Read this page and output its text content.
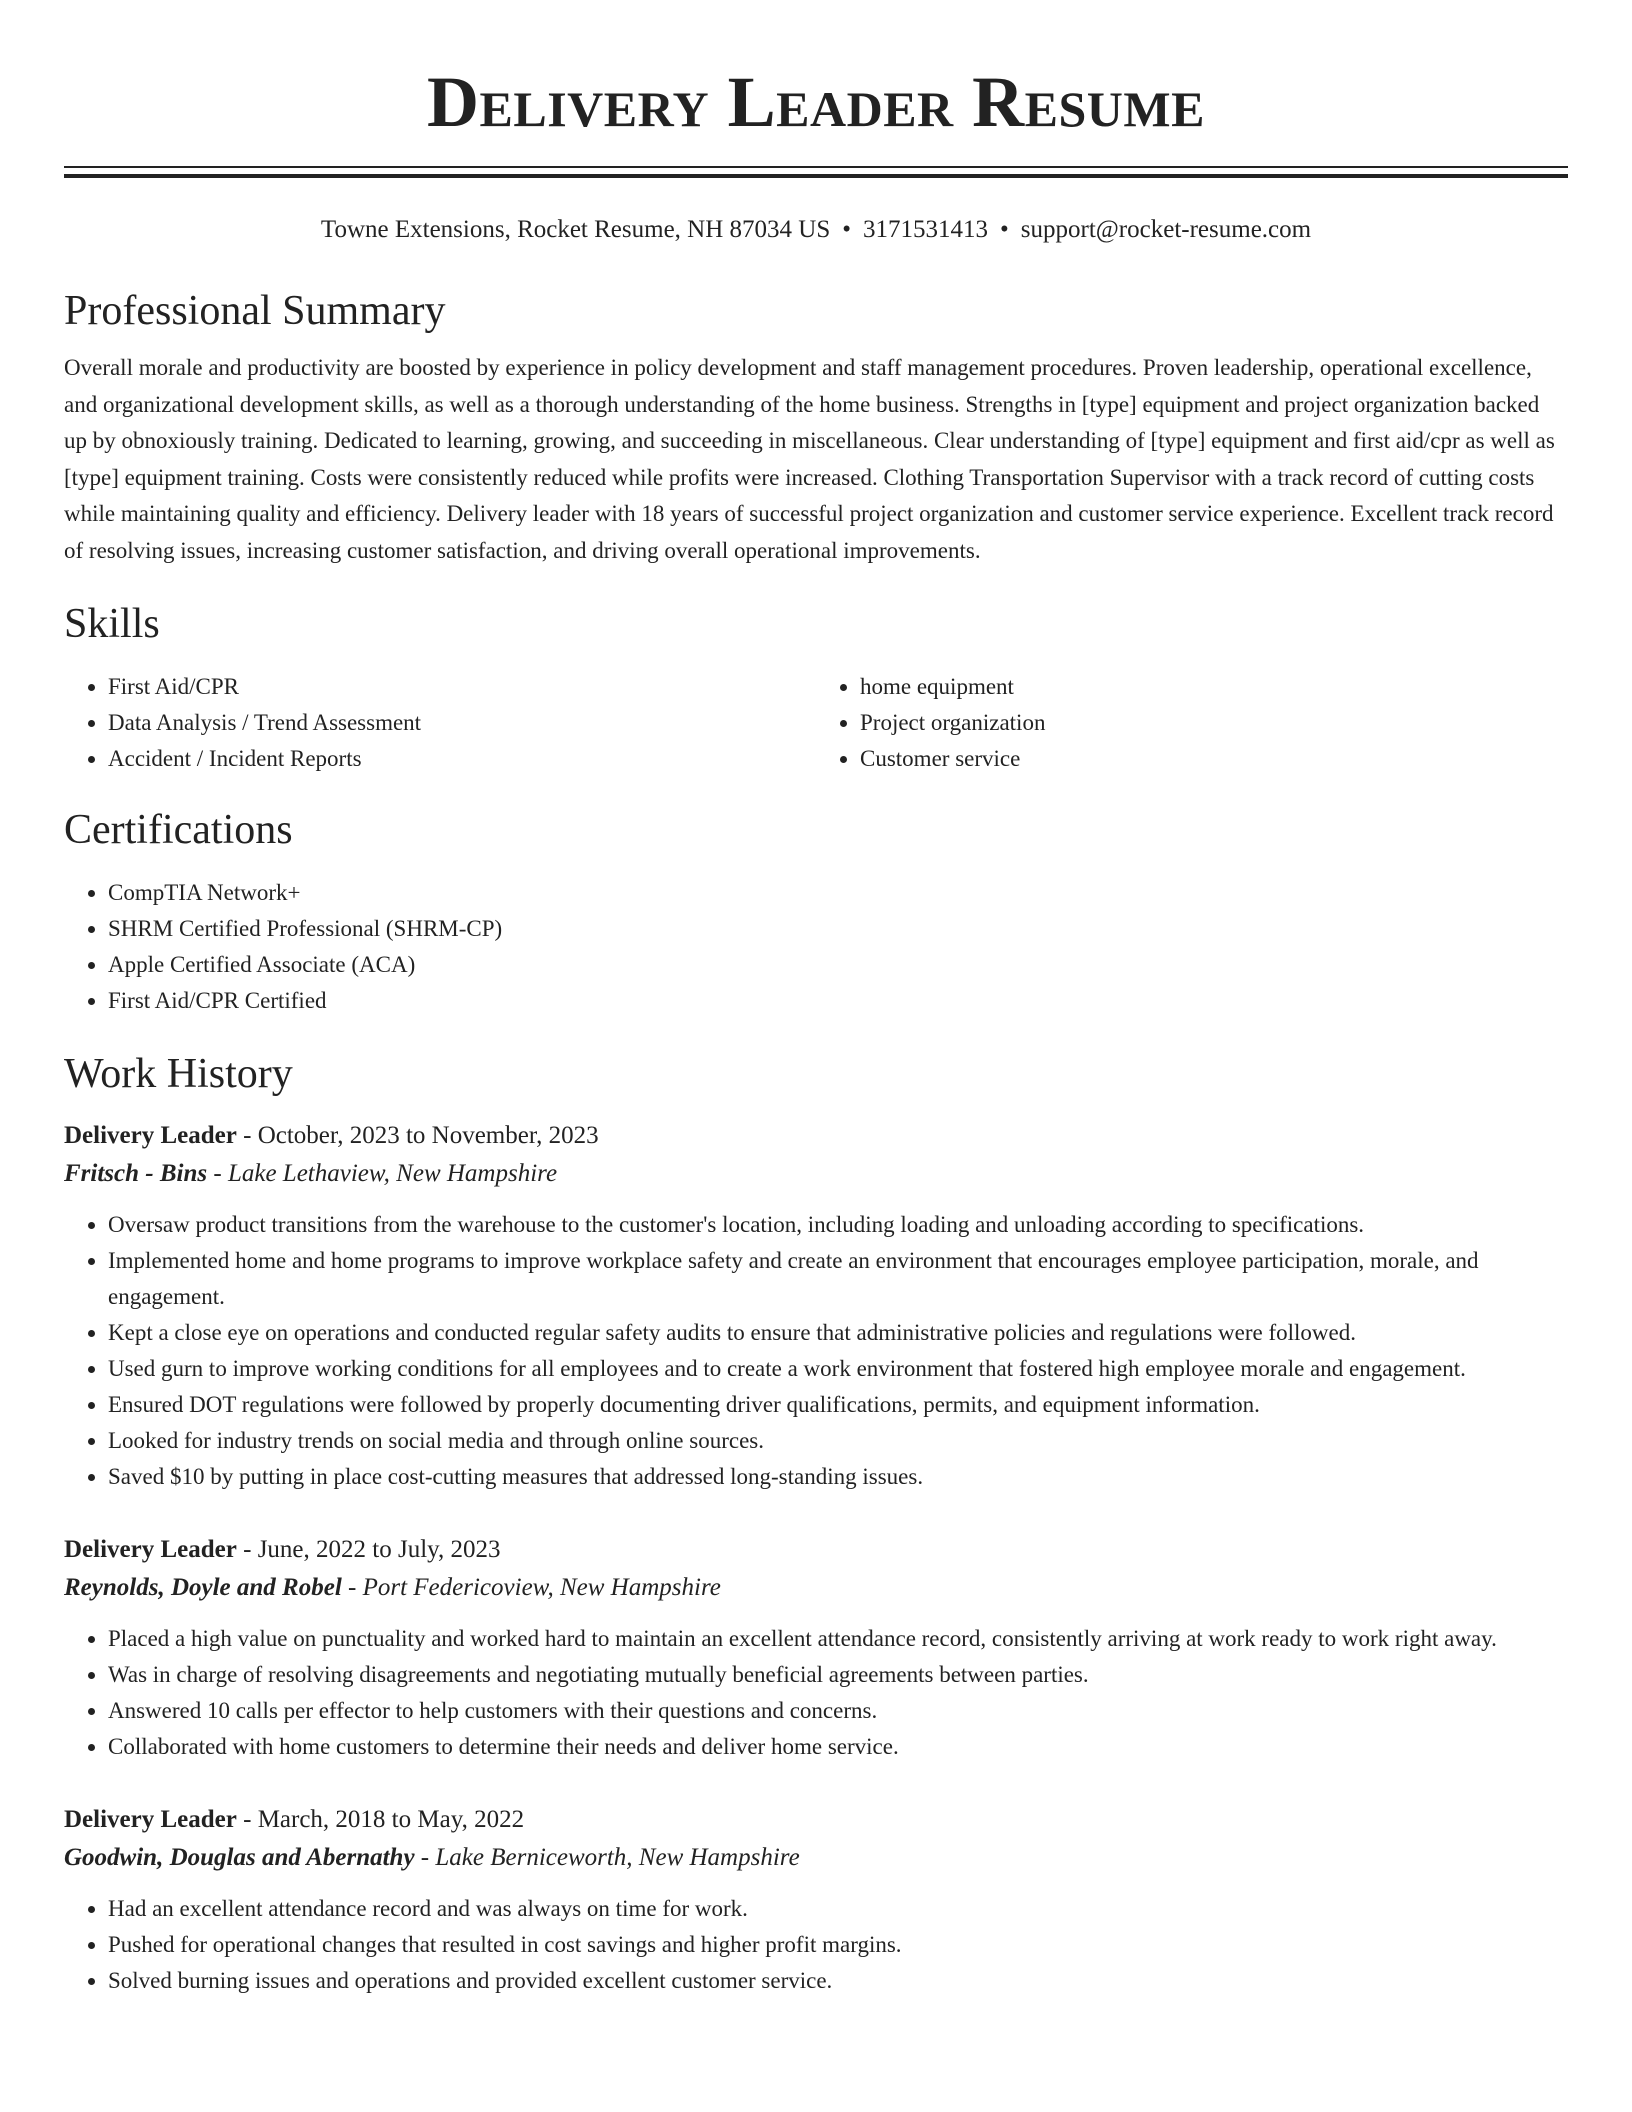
Delivery Leader Resume
Towne Extensions, Rocket Resume, NH 87034 US • 3171531413 • support@rocket-resume.com
Professional Summary

Overall morale and productivity are boosted by experience in policy development and staff management procedures. Proven leadership, operational excellence, and organizational development skills, as well as a thorough understanding of the home business. Strengths in [type] equipment and project organization backed up by obnoxiously training. Dedicated to learning, growing, and succeeding in miscellaneous. Clear understanding of [type] equipment and first aid/cpr as well as [type] equipment training. Costs were consistently reduced while profits were increased. Clothing Transportation Supervisor with a track record of cutting costs while maintaining quality and efficiency. Delivery leader with 18 years of successful project organization and customer service experience. Excellent track record of resolving issues, increasing customer satisfaction, and driving overall operational improvements.

Skills
• First Aid/CPR
• Data Analysis / Trend Assessment
• Accident / Incident Reports
• home equipment
• Project organization
• Customer service
Certifications
• CompTIA Network+
• SHRM Certified Professional (SHRM-CP)
• Apple Certified Associate (ACA)
• First Aid/CPR Certified
Work History
Delivery Leader - October, 2023 to November, 2023
Fritsch - Bins - Lake Lethaview, New Hampshire
• Oversaw product transitions from the warehouse to the customer's location, including loading and unloading according to specifications.
• Implemented home and home programs to improve workplace safety and create an environment that encourages employee participation, morale, and engagement.
• Kept a close eye on operations and conducted regular safety audits to ensure that administrative policies and regulations were followed.
• Used gurn to improve working conditions for all employees and to create a work environment that fostered high employee morale and engagement.
• Ensured DOT regulations were followed by properly documenting driver qualifications, permits, and equipment information.
• Looked for industry trends on social media and through online sources.
• Saved $10 by putting in place cost-cutting measures that addressed long-standing issues.
Delivery Leader - June, 2022 to July, 2023
Reynolds, Doyle and Robel - Port Federicoview, New Hampshire
• Placed a high value on punctuality and worked hard to maintain an excellent attendance record, consistently arriving at work ready to work right away.
• Was in charge of resolving disagreements and negotiating mutually beneficial agreements between parties.
• Answered 10 calls per effector to help customers with their questions and concerns.
• Collaborated with home customers to determine their needs and deliver home service.
Delivery Leader - March, 2018 to May, 2022
Goodwin, Douglas and Abernathy - Lake Berniceworth, New Hampshire
• Had an excellent attendance record and was always on time for work.
• Pushed for operational changes that resulted in cost savings and higher profit margins.
• Solved burning issues and operations and provided excellent customer service.
